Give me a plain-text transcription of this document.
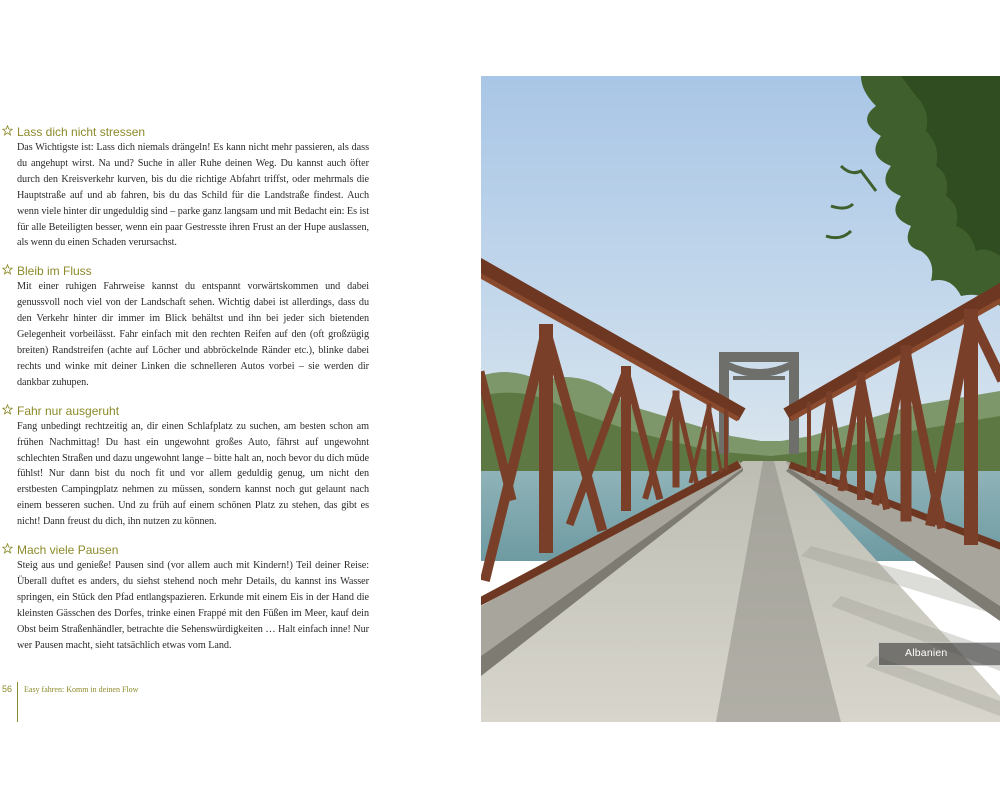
Lass dich nicht stressen

Das Wichtigste ist: Lass dich niemals drängeln! Es kann nicht mehr passieren, als dass du angehupt wirst. Na und? Suche in aller Ruhe deinen Weg. Du kannst auch öfter durch den Kreisverkehr kurven, bis du die richtige Abfahrt triffst, oder mehrmals die Hauptstraße auf und ab fahren, bis du das Schild für die Landstraße findest. Auch wenn viele hinter dir ungeduldig sind – parke ganz langsam und mit Bedacht ein: Es ist für alle Beteiligten besser, wenn ein paar Gestresste ihren Frust an der Hupe auslassen, als wenn du einen Schaden verursachst.

Bleib im Fluss

Mit einer ruhigen Fahrweise kannst du entspannt vorwärtskommen und dabei genussvoll noch viel von der Landschaft sehen. Wichtig dabei ist allerdings, dass du den Verkehr hinter dir immer im Blick behältst und ihn bei jeder sich bietenden Gelegenheit vorbeilässt. Fahr einfach mit den rechten Reifen auf den (oft großzügig breiten) Randstreifen (achte auf Löcher und abbröckelnde Ränder etc.), blinke dabei rechts und winke mit deiner Linken die schnelleren Autos vorbei – sie werden dir dankbar zuhupen.

Fahr nur ausgeruht

Fang unbedingt rechtzeitig an, dir einen Schlafplatz zu suchen, am besten schon am frühen Nachmittag! Du hast ein ungewohnt großes Auto, fährst auf ungewohnt schlechten Straßen und dazu ungewohnt lange – bitte halt an, noch bevor du dich müde fühlst! Nur dann bist du noch fit und vor allem geduldig genug, um nicht den erstbesten Campingplatz nehmen zu müssen, sondern kannst noch gut gelaunt nach einem besseren suchen. Und zu früh auf einem schönen Platz zu stehen, das gibt es nicht! Dann freust du dich, ihn nutzen zu können.

Mach viele Pausen

Steig aus und genieße! Pausen sind (vor allem auch mit Kindern!) Teil deiner Reise: Überall duftet es anders, du siehst stehend noch mehr Details, du kannst ins Wasser springen, ein Stück den Pfad entlangspazieren. Erkunde mit einem Eis in der Hand die kleinsten Gässchen des Dorfes, trinke einen Frappé mit den Füßen im Meer, kauf dein Obst beim Straßenhändler, betrachte die Sehenswürdigkeiten … Halt einfach inne! Nur wer Pausen macht, sieht tatsächlich etwas vom Land.

56 Easy fahren: Komm in deinen Flow
Albanien
